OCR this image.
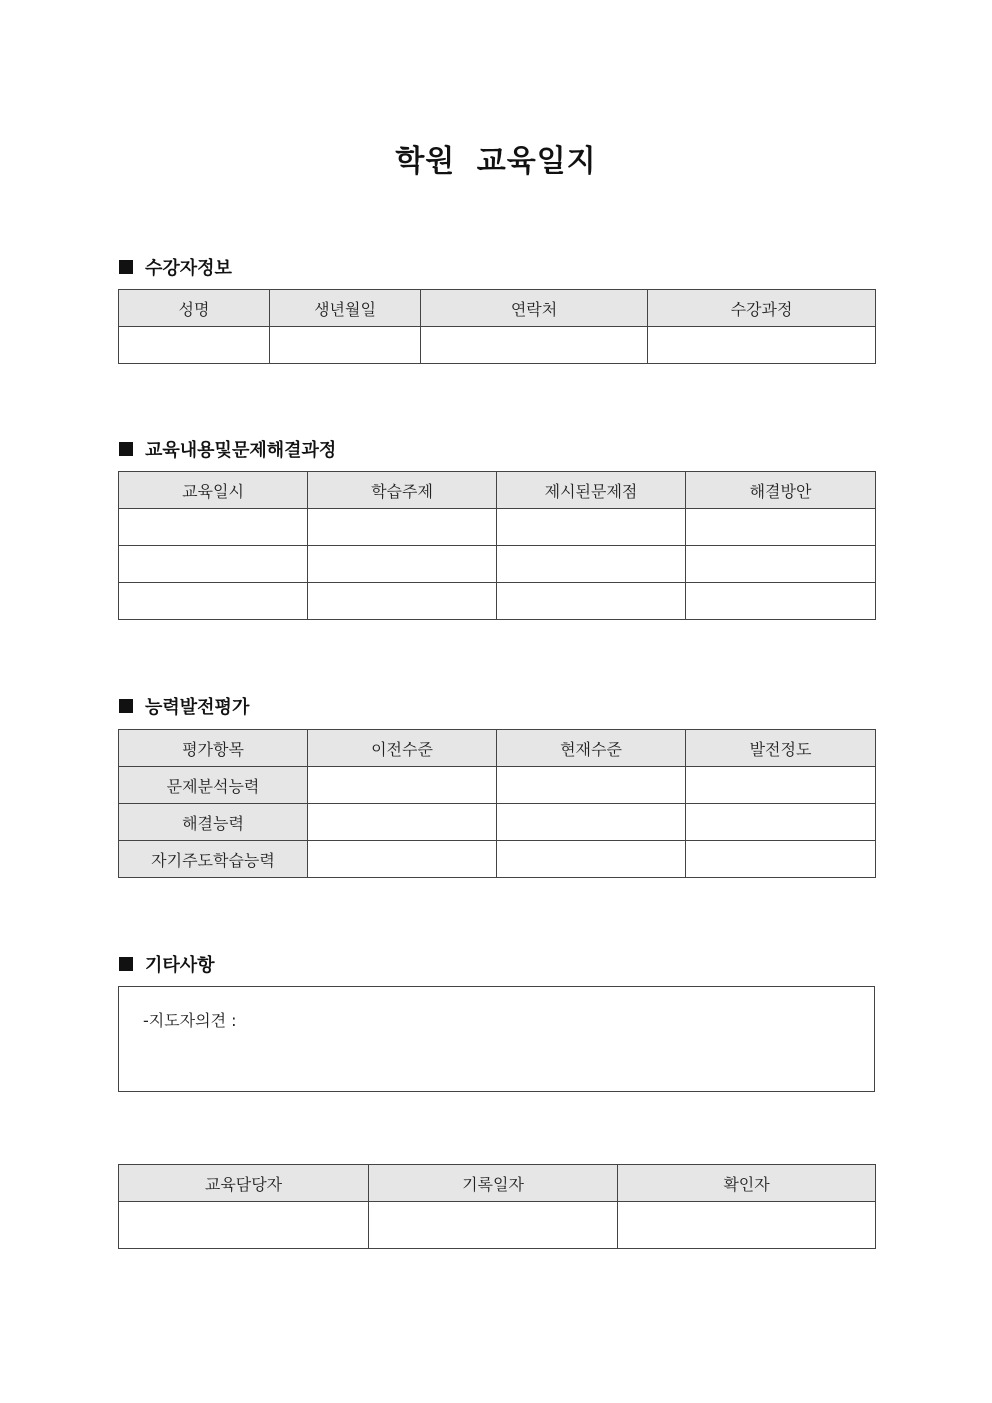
학원 교육일지
수강자정보
성명	생년월일	연락처	수강과정

교육내용및문제해결과정
교육일시	학습주제	제시된문제점	해결방안

능력발전평가
평가항목	이전수준	현재수준	발전정도
문제분석능력			
해결능력			
자기주도학습능력			
기타사항
-지도자의견 :
교육담당자	기록일자	확인자
